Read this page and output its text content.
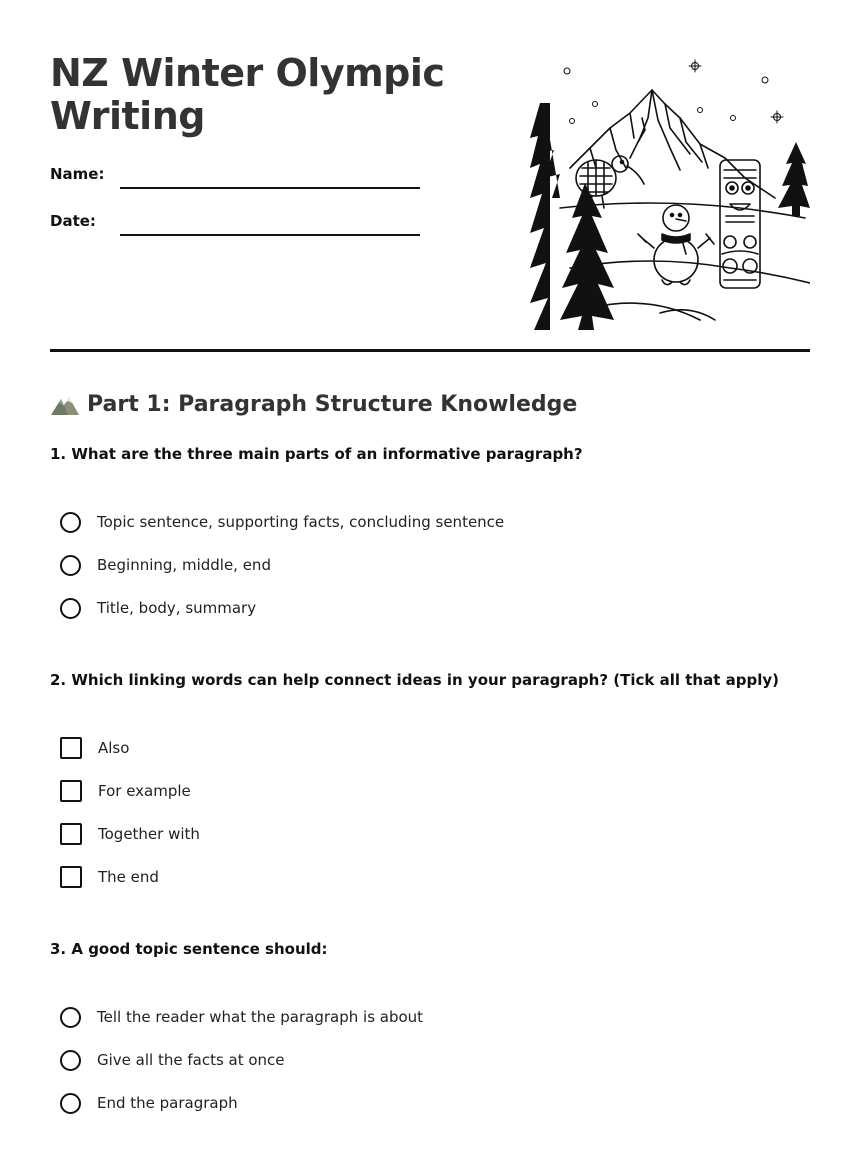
NZ Winter Olympic
Writing
Name:
Date:
Part 1: Paragraph Structure Knowledge
1. What are the three main parts of an informative paragraph?
Topic sentence, supporting facts, concluding sentence
Beginning, middle, end
Title, body, summary
2. Which linking words can help connect ideas in your paragraph? (Tick all that apply)
Also
For example
Together with
The end
3. A good topic sentence should:
Tell the reader what the paragraph is about
Give all the facts at once
End the paragraph
